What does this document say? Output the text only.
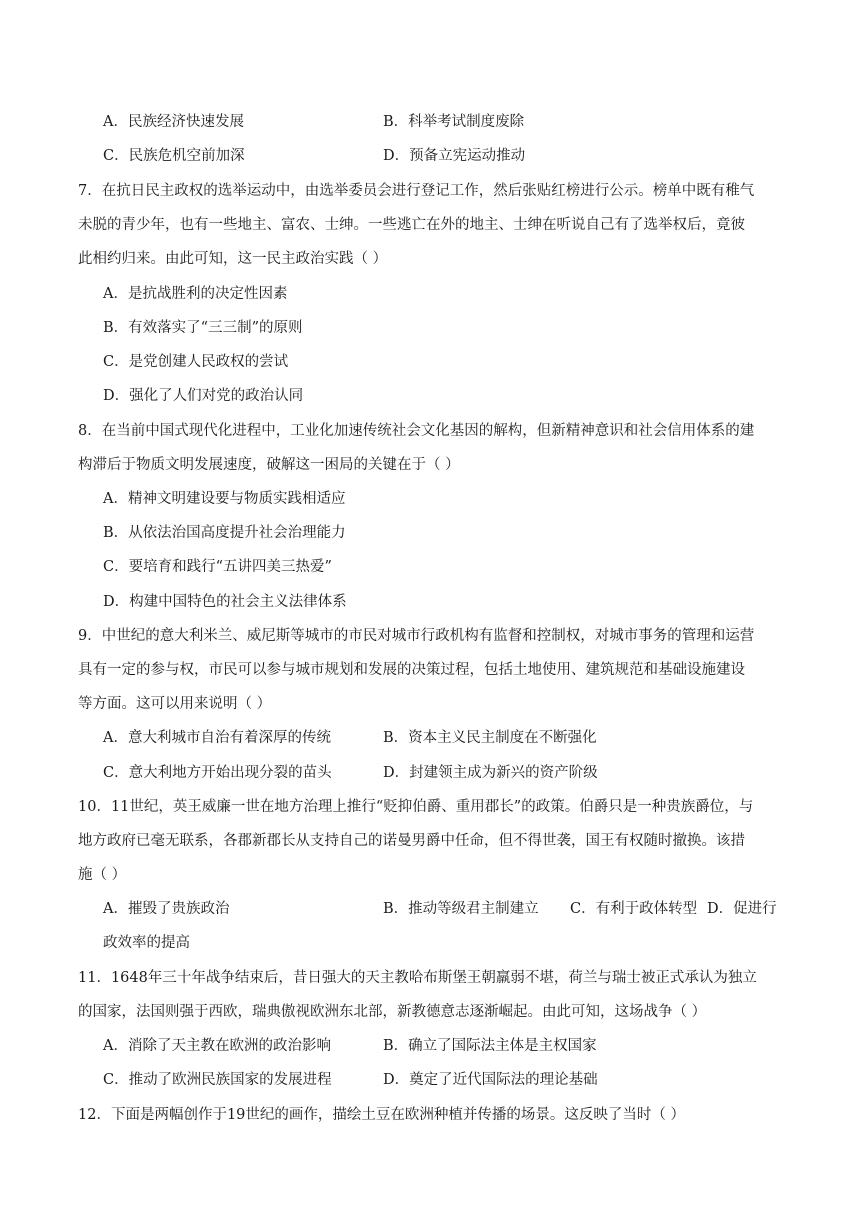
A．民族经济快速发展	B．科举考试制度废除
C．民族危机空前加深	D．预备立宪运动推动
7．在抗日民主政权的选举运动中，由选举委员会进行登记工作，然后张贴红榜进行公示。榜单中既有稚气
未脱的青少年，也有一些地主、富农、士绅。一些逃亡在外的地主、士绅在听说自己有了选举权后，竟彼
此相约归来。由此可知，这一民主政治实践（ ）
A．是抗战胜利的决定性因素
B．有效落实了“三三制”的原则
C．是党创建人民政权的尝试
D．强化了人们对党的政治认同
8．在当前中国式现代化进程中，工业化加速传统社会文化基因的解构，但新精神意识和社会信用体系的建
构滞后于物质文明发展速度，破解这一困局的关键在于（ ）
A．精神文明建设要与物质实践相适应
B．从依法治国高度提升社会治理能力
C．要培育和践行“五讲四美三热爱”
D．构建中国特色的社会主义法律体系
9．中世纪的意大利米兰、威尼斯等城市的市民对城市行政机构有监督和控制权，对城市事务的管理和运营
具有一定的参与权，市民可以参与城市规划和发展的决策过程，包括土地使用、建筑规范和基础设施建设
等方面。这可以用来说明（ ）
A．意大利城市自治有着深厚的传统	B．资本主义民主制度在不断强化
C．意大利地方开始出现分裂的苗头	D．封建领主成为新兴的资产阶级
10．11世纪，英王威廉一世在地方治理上推行“贬抑伯爵、重用郡长”的政策。伯爵只是一种贵族爵位，与
地方政府已毫无联系，各郡新郡长从支持自己的诺曼男爵中任命，但不得世袭，国王有权随时撤换。该措
施（ ）
A．摧毁了贵族政治	B．推动等级君主制建立 C．有利于政体转型 D．促进行
政效率的提高
11．1648年三十年战争结束后，昔日强大的天主教哈布斯堡王朝羸弱不堪，荷兰与瑞士被正式承认为独立
的国家，法国则强于西欧，瑞典傲视欧洲东北部，新教德意志逐渐崛起。由此可知，这场战争（ ）
A．消除了天主教在欧洲的政治影响	B．确立了国际法主体是主权国家
C．推动了欧洲民族国家的发展进程	D．奠定了近代国际法的理论基础
12．下面是两幅创作于19世纪的画作，描绘土豆在欧洲种植并传播的场景。这反映了当时（ ）
